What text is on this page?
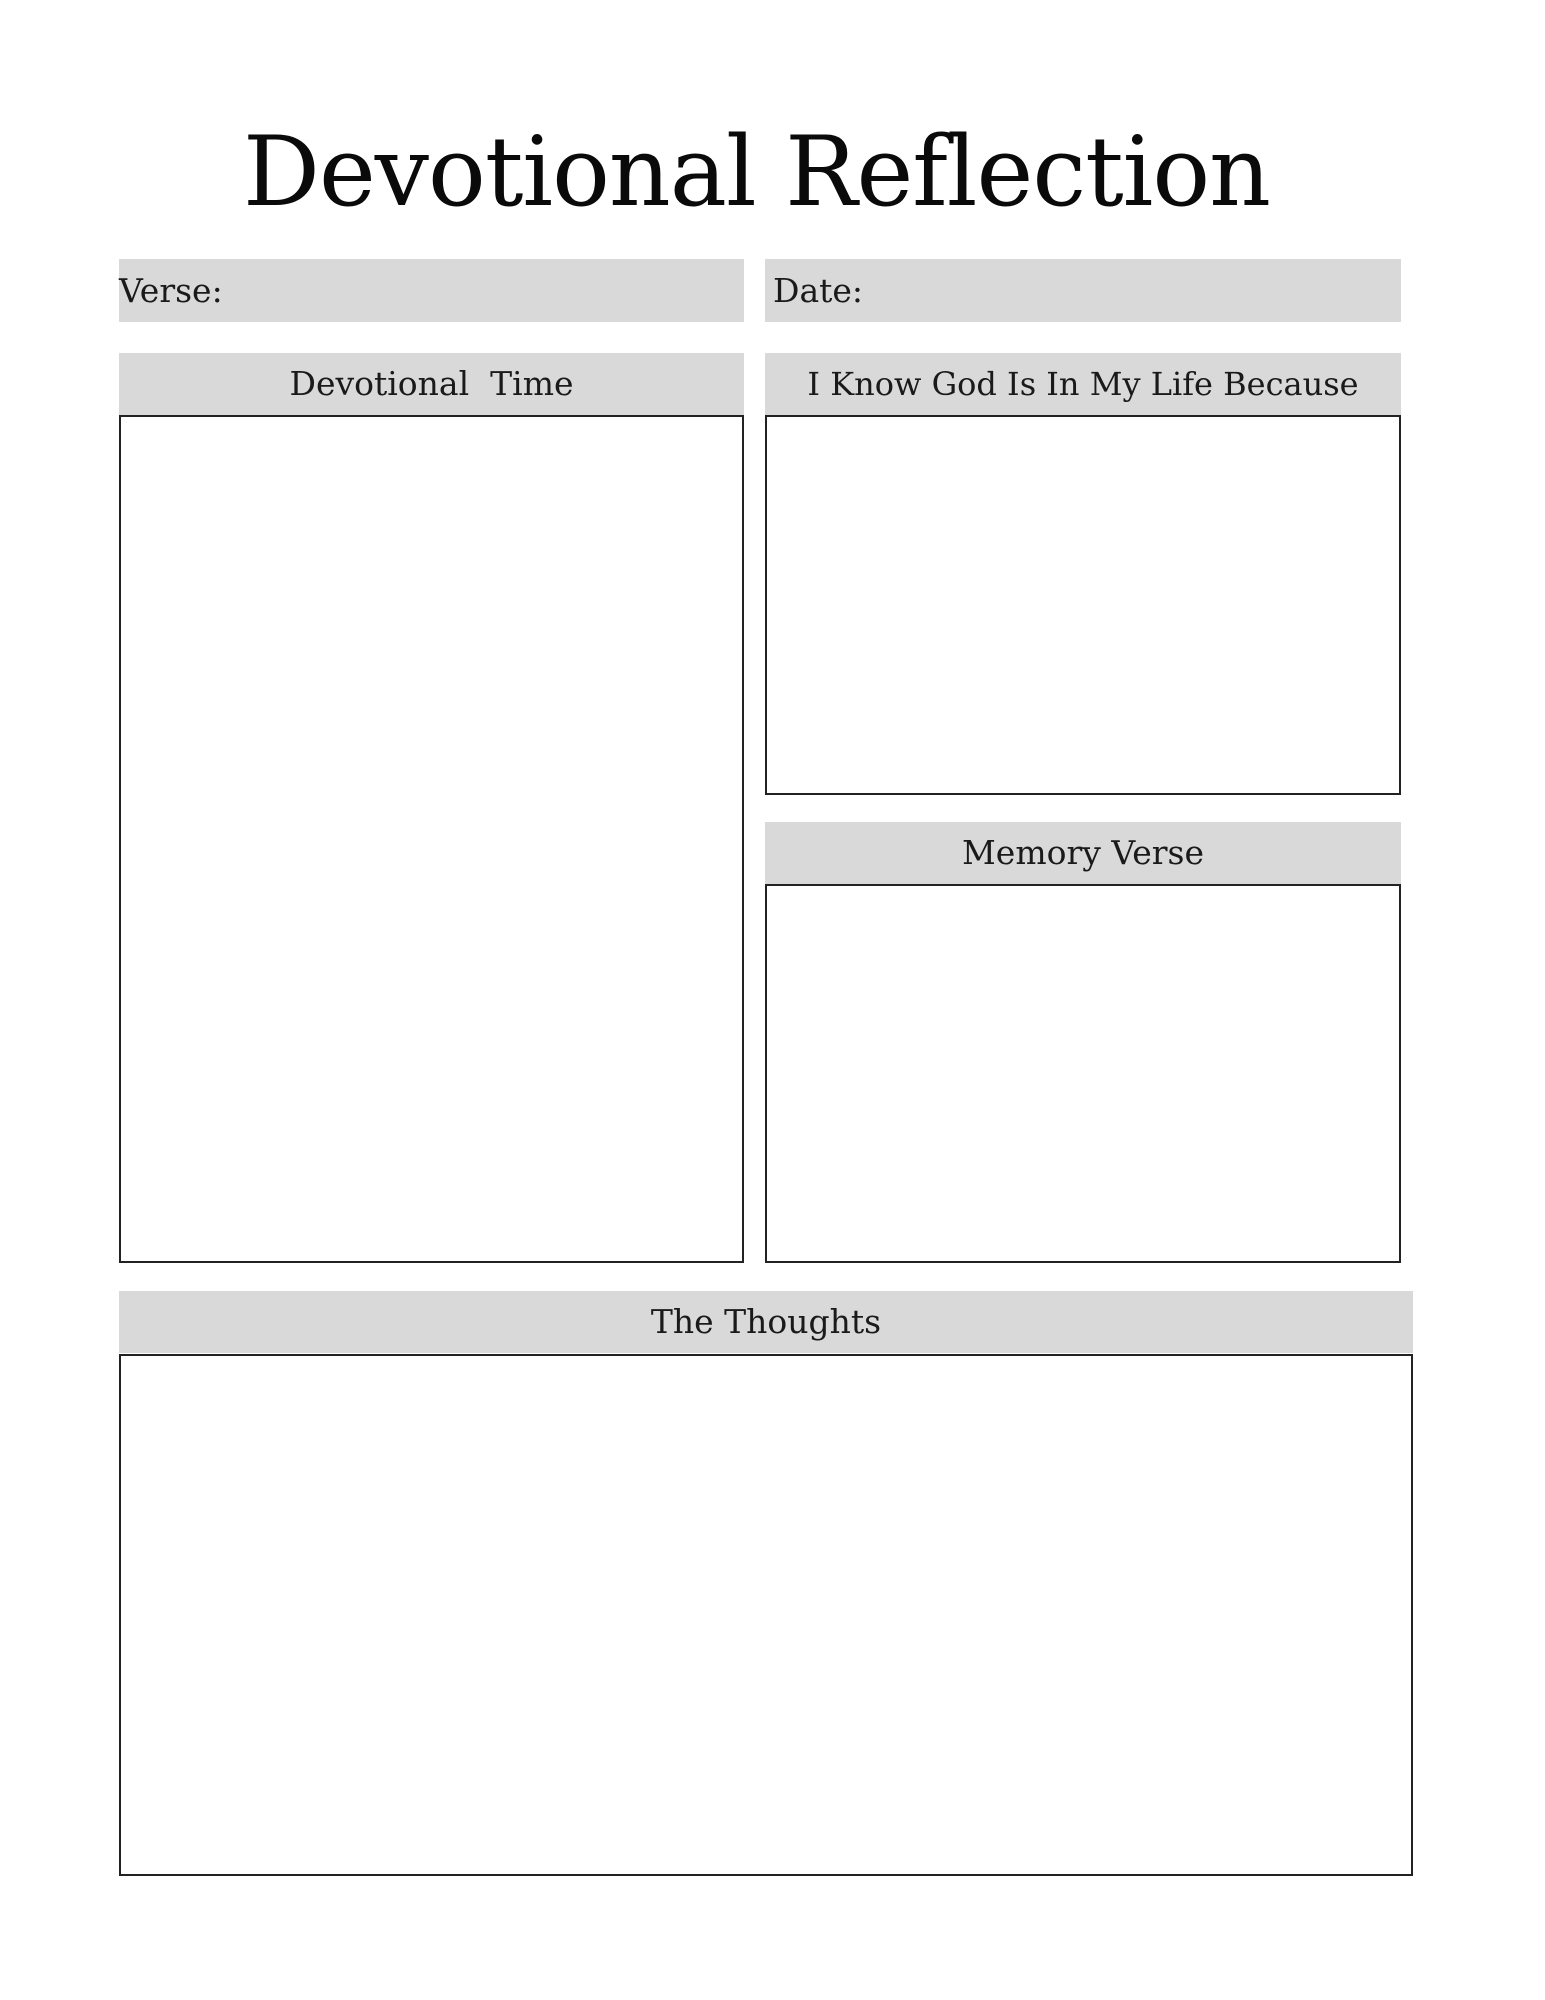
Devotional Reflection
Verse:	Date:
Devotional  Time	I Know God Is In My Life Because
Memory Verse
The Thoughts
